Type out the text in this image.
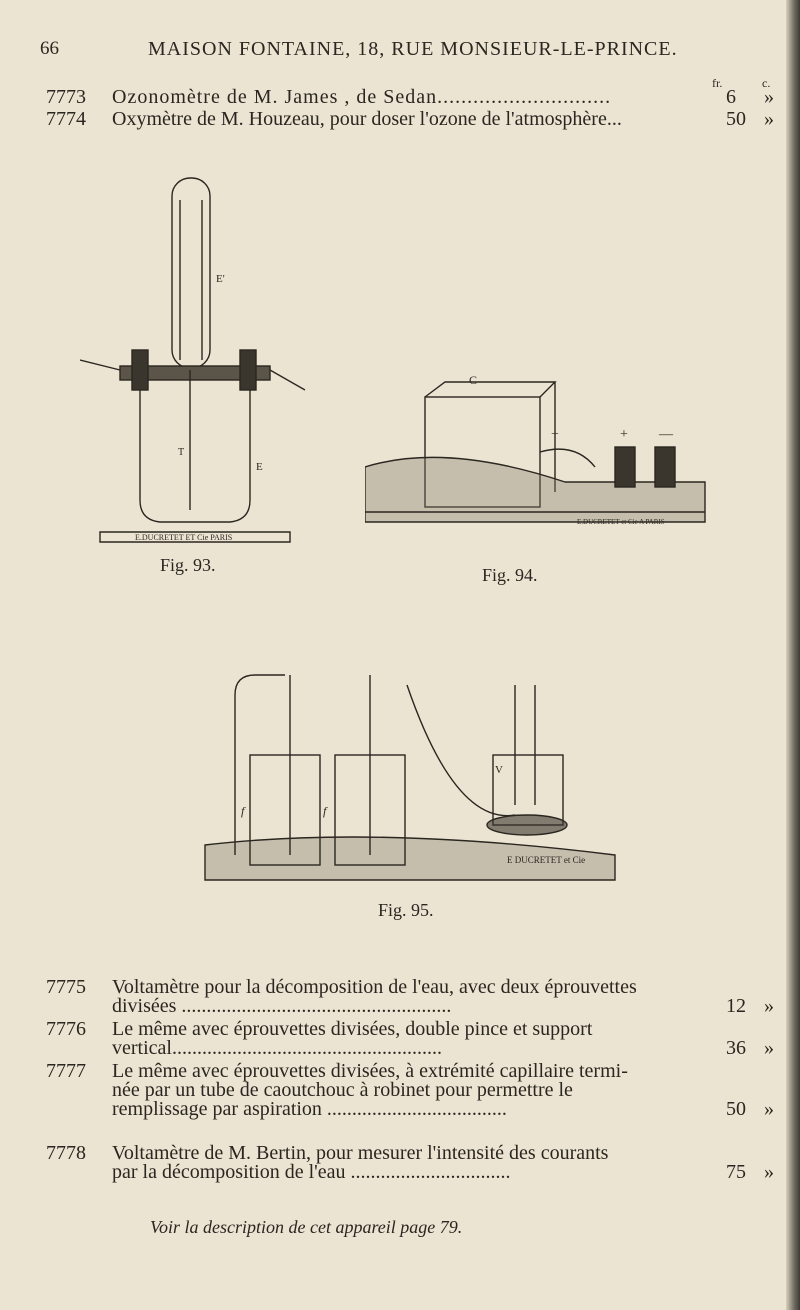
66	MAISON FONTAINE, 18, RUE MONSIEUR-LE-PRINCE.
fr.	c.
7773 Ozonomètre de M. James , de Sedan.............................	6 »
7774 Oxymètre de M. Houzeau, pour doser l'ozone de l'atmosphère...	50 »
E'
E
T
E.DUCRETET ET Cie PARIS
Fig. 93.
C
+	+ —
E.DUCRETET et Cie A PARIS
Fig. 94.
f	f
V
E DUCRETET et Cie
Fig. 95.
7775 Voltamètre pour la décomposition de l'eau, avec deux éprouvettes
divisées ......................................................	12 »
7776 Le même avec éprouvettes divisées, double pince et support
vertical......................................................	36 »
7777 Le même avec éprouvettes divisées, à extrémité capillaire termi-
née par un tube de caoutchouc à robinet pour permettre le
remplissage par aspiration ....................................	50 »
7778 Voltamètre de M. Bertin, pour mesurer l'intensité des courants
par la décomposition de l'eau ................................	75 »
Voir la description de cet appareil page 79.
